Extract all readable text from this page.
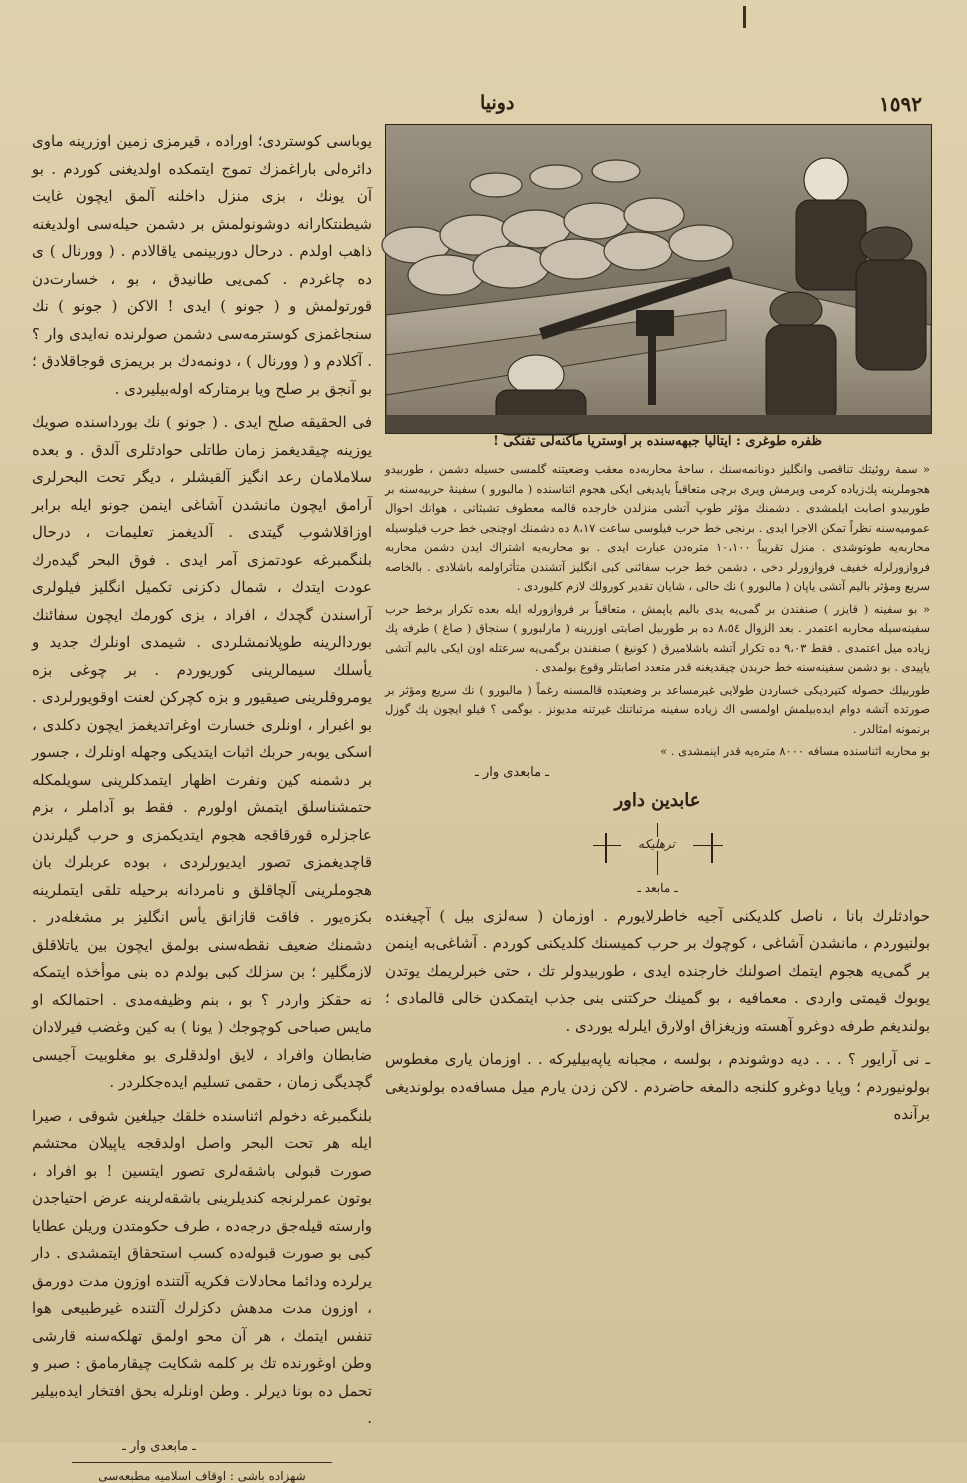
دونیا	١٥٩٢
ظفره طوغری : ایتالیا جبهه‌سنده بر آوستریا ماکنه‌لی تفنکی !

یوباسی کوستردی؛ اوراده ، قیرمزی زمین اوزرینه ماوی دائره‌لی باراغمزك تموج ایتمکده اولدیغنی کوردم . بو آن یونك ، بزی منزل داخلنه آلمق ایچون غایت شیطنتکارانه دوشونولمش بر دشمن حیله‌سی اولدیغنه ذاهب اولدم . درحال دوربینمی یاقالادم . ( وورنال ) ی ده چاغردم . کمی‌یی طانیدق ، بو ، خسارت‌دن قورتولمش و ( جونو ) ایدی ! الاکن ( جونو ) نك سنجاغمزی کوسترمه‌سی دشمن صولرنده نه‌ایدی وار ؟ . آکلادم و ( وورنال ) ، دونمه‌دك بر بریمزی قوجاقلادق ؛ بو آنجق بر صلح ویا برمتارکه اوله‌بیلیردی .

فی الحقیقه صلح ایدی . ( جونو ) نك بورداسنده صویك یوزینه چیقدیغمز زمان طاتلی حوادثلری آلدق . و بعده سلاملامان رعد انگیز آلقیشلر ، دیگر تحت البحرلری آرامق ایچون مانشدن آشاغی اینمن جونو ایله برابر اوزاقلاشوب گیتدی . آلدیغمز تعلیمات ، درحال بلنگمبرغه عودتمزی آمر ایدی . فوق البحر گیده‌رك عودت ایتدك ، شمال دکزنی تکمیل انگلیز فیلولری آراسندن گچدك ، افراد ، بزی کورمك ایچون سفائنك بوردالرینه طوپلانمشلردی . شیمدی اونلرك جدید و یأسلك سیمالرینی کوریوردم . بر چوغی بزه یومروقلرینی صیقیور و بزه کچرکن لعنت اوقویورلردی . بو اغبرار ، اونلری خسارت اوغراتدیغمز ایچون دکلدی ، اسکی یوبه‌ر حربك اثبات ایتدیکی وجهله اونلرك ، جسور بر دشمنه کین ونفرت اظهار ایتمدکلرینی سویلمکله حتمشناسلق ایتمش اولورم . فقط بو آداملر ، بزم عاجزلره قورقاقجه هجوم ایتدیکمزی و حرب گیلرندن قاچدیغمزی تصور ایدیورلردی ، بوده عربلرك بان هجوملرینی آلچاقلق و نامردانه برحیله تلقی ایتملرینه بکزه‌یور . فاقت قازانق یأس انگلیز بر مشغله‌در . دشمنك ضعیف نقطه‌سنی بولمق ایچون بین یاتلاقلق لازمگلیر ؛ بن سزلك کبی بولدم ده بنی موأخذه ایتمکه نه حقکز واردر ؟ بو ، بنم وظیفه‌مدی . احتمالکه او مایس صباحی کوچوجك ( یونا ) به کین وغضب فیرلادان ضابطان وافراد ، لایق اولدقلری بو مغلوبیت آجیسی گچدیگی زمان ، حقمی تسلیم ایده‌جکلردر .

بلنگمبرغه دخولم اثناسنده خلقك جیلغین شوقی ، صیرا ایله هر تحت البحر واصل اولدقجه یاپیلان محتشم صورت قبولی باشقه‌لری تصور ایتسین ! بو افراد ، بوتون عمرلرنجه کندیلرینی باشقه‌لرینه عرض احتیاجدن وارسته قیله‌جق درجه‌ده ، طرف حکومتدن وریلن عطایا کبی بو صورت قبوله‌ده کسب استحقاق ایتمشدی . دار یرلرده ودائما محادلات فکریه آلتنده اوزون مدت دورمق ، اوزون مدت مدهش دکزلرك آلتنده غیرطبیعی هوا تنفس ایتمك ، هر آن محو اولمق تهلکه‌سنه قارشی وطن اوغورنده تك بر کلمه شکایت چیقارمامق : صبر و تحمل ده بونا دیرلر . وطن اونلرله بحق افتخار ایده‌بیلیر .

ـ مابعدی وار ـ

شهزاده باشی : اوقاف اسلامیه مطبعه‌سی

« سمة روئیتك تناقصی وانگلیز دونانمه‌سنك ، ساحهٔ محاربه‌ده معقب وضعیتنه گلمسی حسیله دشمن ، طوربیدو هجوملرینه پك‌زیاده کرمی ویرمش ویری برچی متعاقباً یاپدیغی ایکی هجوم اثناسنده ( مالبورو ) سفینهٔ حربیه‌سنه بر طوربیدو اصابت ایلمشدی . دشمنك مؤثر طوپ آتشی منزلدن خارجده قالمه معطوف تشبثاتی ، هوانك احوال عمومیه‌سنه نظراً تمکن الاجرا ایدی . برنجی خط حرب فیلوسی ساعت ٨،١٧ ده دشمنك اوچنجی خط حرب فیلوسیله محاربه‌یه طوتوشدی . منزل تقریباً ١٠،١٠٠ متره‌دن عبارت ایدی . بو محاربه‌یه اشتراك ایدن دشمن محاربه فروازورلرله خفیف فروازورلر دخی ، دشمن خط حرب سفائنی کبی انگلیز آتشندن متأثراولمه باشلادی . بالخاصه سریع ومؤثر بالیم آتشی یاپان ( مالبورو ) نك حالی ، شایان تقدیر کورولك لازم کلیوردی .

« بو سفینه ( قایزر ) صنفندن بر گمی‌یه یدی بالیم یاپمش ، متعاقباً بر فروازورله ایله بعده تکرار برخط حرب سفینه‌سیله محاربه اعتمدر . بعد الزوال ٨،٥٤ ده بر طوربیل اصابتی اوزرینه ( مارلبورو ) سنجاق ( صاغ ) طرفه پك زیاده میل اعتمدی . فقط ٩،٠٣ ده تکرار آتشه باشلامیرق ( کونیغ ) صنفندن برگمی‌یه سرعتله اون ایکی بالیم آتشی یاپیدی . بو دشمن سفینه‌سنه خط حربدن چیقدیغنه قدر متعدد اصابتلر وقوع بولمدی .

طوربیلك حصوله کتیردیکی خساردن طولایی غیرمساعد بر وضعیتده قالمسنه رغماً ( مالبورو ) نك سریع ومؤثر بر صورتده آتشه دوام ایده‌بیلمش اولمسی اك زیاده سفینه مرتباتنك غیرتنه مدیونز . بوگمی ؟ فیلو ایچون پك گوزل برنمونه امثالدر .

بو محاربه اثناسنده مسافه ٨٠٠٠ متره‌یه قدر اینمشدی . »

ـ مابعدی وار ـ

عابدین داور
ترهلیکه
ـ مابعد ـ

حوادثلرك بانا ، ناصل کلدیکنی آجیه خاطرلایورم . اوزمان ( سه‌لزی بیل ) آچیغنده بولنیوردم ، مانشدن آشاغی ، کوچوك بر حرب کمیسنك کلدیکنی کوردم . آشاغی‌به اینمن بر گمی‌یه هجوم ایتمك اصولنك خارجنده ایدی ، طوربیدولر تك ، حتی خبرلریمك یوتدن یوبوك قیمتی واردی . معمافیه ، بو گمینك حرکتنی بنی جذب ایتمکدن خالی قالمادی ؛ بولندیغم طرفه دوغرو آهسته وزیغزاق اولارق ایلرله یوردی .

ـ نی آرایور ؟ . . . دیه دوشوندم ، بولسه ، مجبانه یاپه‌بیلیرکه . . اوزمان یاری مغطوس بولونیوردم ؛ وپایا دوغرو کلنجه دالمغه حاضردم . لاکن زدن یارم میل مسافه‌ده بولوندیغی برآنده
